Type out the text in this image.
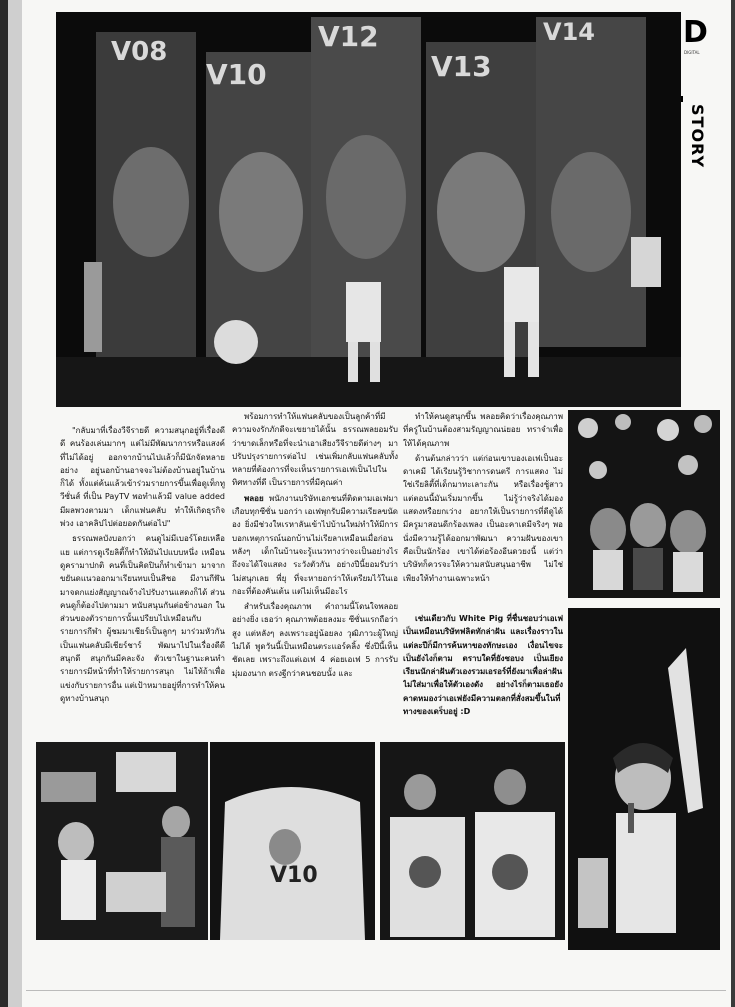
V08
V10
V12
V13
V14	D
DIGITAL
STORY

"กลับมาที่เรื่องวีจีรายดี ความสนุกอยู่ที่เรื่องดีดี คนร้องเล่นมากๆ แต่ไม่มีพัฒนาการหรือแสงค์ที่ไม่ได้อยู่ ออกจากบ้านไปแล้วก็มีนักจัดหลายอย่าง อยู่นอกบ้านอาจจะไม่ต้องบ้านอยู่ในบ้านก็ได้ ทั้งแต่ค้นแล้วเข้าร่วมรายการขึ้นเพื่อดูเท็กทูวีซั่นส์ ที่เป็น PayTV พอทำแล้วมี value added มีผลพวงตามมา เด็กแฟนคลับ ทำให้เกิดธุรกิจพ่วง เอาคลิปไปต่อยอดกันต่อไป"

ธรรณพลบังบอกว่า คนดูไม่มีเบอร์โดยเหลือแย แต่การดูเรียลิตี้ก็ทำให้มันไปแบบหนึ่ง เหมือนดูครามาปกติ คนที่เป็นคิดปินก็ทำเข้ามา มาจากขยันดแนวออกมาเรียนทบเป็นสีชอ มีงานกีฬัน มาจดกแย่งสัญญาณจ้างไปรับงานแสดงก็ได้ ส่วนคนดูก็ต้องไปตามมา หนับสนุนกันต่อข้างนอก ในส่วนของตัวรายการนั้นเปรียบไปเหมือนกับรายการกีฬา ผู้ชมมาเชียร์เป็นลูกๆ มาร่วมหัวกัน เป็นแฟนคลับมีเชียร์ชาร์ พัฒนาไปในเรื่องดีดี สนุกดี สนุกกันมีคละจัง ตัวเขาในฐานะคนทำรายการมีหน้าที่ทำให้รายการสนุก ไม่ให้ถ้าเพื่อแข่งกับรายการอื่น แต่เป้าหมายอยู่ที่การทำให้คนดูทางบ้านสนุก

พร้อมการทำให้แฟนคลับของเป็นลูกค้าที่มีความจงรักภักดีจะเขยายได้นั้น ธรรณพลยอมรับว่าขาดเล็กหรือที่จะนำเอาเสียงวีจีรายดีต่างๆ มาปรับปรุงรายการต่อไป เช่นเพิ่มกลับแฟนคลับทั้งหลายที่ต้องการที่จะเห็นรายการเอเฟเป็นไปในทิศทางที่ดี เป็นรายการที่มีคุณค่า

พลอย พนักงานบริษัทเอกชนที่ติดตามเอเฟมาเกือบทุกซีซั่น บอกว่า เอเฟพุกรับมีความเรียลขนัดอง ยิ่งมีช่วงใหเรหาลันเข้าไปบ้านใหม่ทำให้มีการบอกเหตุการณ์นอกบ้านไม่เรียลาเหมือนเมื่อก่อน หลังๆ เด็กในบ้านจะรู้แนวทางว่าจะเป็นอย่างไรถึงจะได้ใจแสดง ระวังตัวกัน อย่างปีนี้ยอมรับว่าไม่สนุกเลย พี่ยุ ที่จะหายอกว่าให้เตรียมไว้ในเอกอะที่ต้องคันเต้น แต่ไม่เห็นมีอะไร

สำหรับเรื่องคุณภาพ คำถามนี้โดนใจพลอยอย่างยิ่ง เธอว่า คุณภาพต้อยลงมะ ซีซั่นแรกถือว่าสูง แต่หลังๆ ลงเพราะอยู่น้อยลง วุฒิภาวะผู้ใหญ่ไม่ได้ พูดวันนี้เป็นเหมือนตระแอร์คลิ้ง ซึ่งปีนี้เห็นชัดเลย เพราะถึงแต่เอเฟ 4 ค่อยเอเฟ 5 การรับมุ่มองนาก ตรงฐีกว่าคนชอบนั้ง และ

ทำให้คนดูสนุกขึ้น พลอยคิดว่าเรื่องคุณภาพที่ครู่ในบ้านต้องสามรัญญาณน่ยอย ทราจำเพื่อให้ได้คุณภาพ

ด้านต้นกล่าวว่า แต่ก่อนเขาบองเอเฟเป็นอะดาเคมี ได้เรียนรู้วิชาการดนตรี การแสดง ไม่ใช่เรียลิตี้ที่เด็กมาทะเลาะกัน หรือเรื่องชู้สาว แต่ตอนนี้มันเริ่มมากขึ้น ไม่รู้ว่าจริงได้มองแสดงหรือยกเว่าง อยากให้เป็นรายการที่ดีดูได้ มีครูมาสอนดีกร้องเพลง เป็นอะคาเดมีจริงๆ พอนั่งมีความรู้ได้ออกมาพัฒนา ความฝันของเขาคือเป็นนักร้อง เขาได้ต่อร้องอีนดวยงนี้ แต่ว่าบริษัทก็ควรจะให้ความสนับสนุนอาชีพ ไม่ใช่เพียงให้ทำงานเฉพาะหน้า

เช่นเดียวกับ White Pig ที่ชื่นชอบว่าเอเฟเป็นเหมือนบริษัทฟลิตทักล่าฝัน และเรื่องราวในแต่ละปีก็มีการค้นหาของทักษะเอง เงื่อนไขจะเป็นยังไงก็ตาม ตราบใดที่ยังชอบง เป็นเยียงเรียนนักล่าฝันตัวเองรวมเอรอร์ที่ยังมาเพื่อล่าฝัน ไม่ใส่มาเพื่อให้ตัวเองดัง อย่างไรก็ตามเธอยังคาดหมองว่าเอเฟยังมีความตลกที่สั่งสมขึ้นในที่ทางของเดร็บอยู่ :D

V10
